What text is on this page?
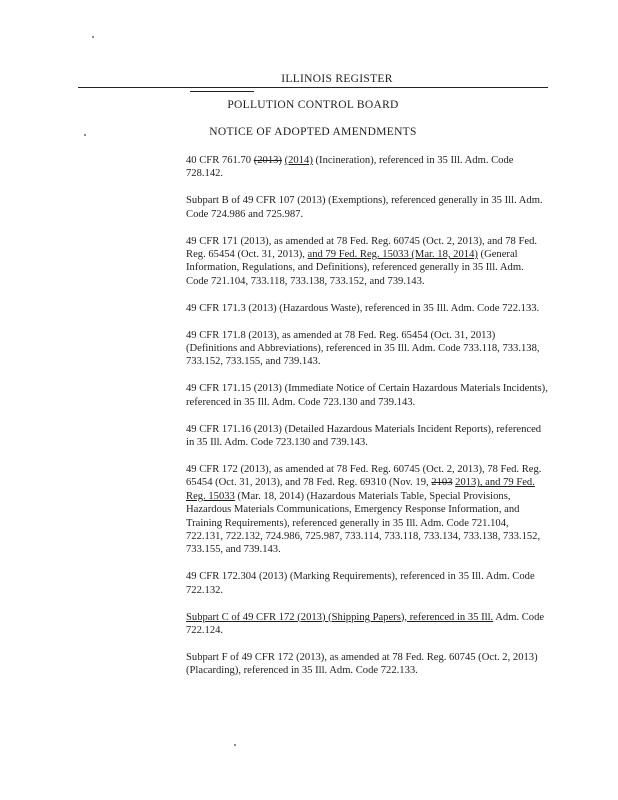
ILLINOIS REGISTER
POLLUTION CONTROL BOARD
NOTICE OF ADOPTED AMENDMENTS

40 CFR 761.70 (2013) (2014) (Incineration), referenced in 35 Ill. Adm. Code 728.142.

Subpart B of 49 CFR 107 (2013) (Exemptions), referenced generally in 35 Ill. Adm. Code 724.986 and 725.987.

49 CFR 171 (2013), as amended at 78 Fed. Reg. 60745 (Oct. 2, 2013), and 78 Fed. Reg. 65454 (Oct. 31, 2013), and 79 Fed. Reg. 15033 (Mar. 18, 2014) (General Information, Regulations, and Definitions), referenced generally in 35 Ill. Adm. Code 721.104, 733.118, 733.138, 733.152, and 739.143.

49 CFR 171.3 (2013) (Hazardous Waste), referenced in 35 Ill. Adm. Code 722.133.

49 CFR 171.8 (2013), as amended at 78 Fed. Reg. 65454 (Oct. 31, 2013) (Definitions and Abbreviations), referenced in 35 Ill. Adm. Code 733.118, 733.138, 733.152, 733.155, and 739.143.

49 CFR 171.15 (2013) (Immediate Notice of Certain Hazardous Materials Incidents), referenced in 35 Ill. Adm. Code 723.130 and 739.143.

49 CFR 171.16 (2013) (Detailed Hazardous Materials Incident Reports), referenced in 35 Ill. Adm. Code 723.130 and 739.143.

49 CFR 172 (2013), as amended at 78 Fed. Reg. 60745 (Oct. 2, 2013), 78 Fed. Reg. 65454 (Oct. 31, 2013), and 78 Fed. Reg. 69310 (Nov. 19, 2103 2013), and 79 Fed. Reg. 15033 (Mar. 18, 2014) (Hazardous Materials Table, Special Provisions, Hazardous Materials Communications, Emergency Response Information, and Training Requirements), referenced generally in 35 Ill. Adm. Code 721.104, 722.131, 722.132, 724.986, 725.987, 733.114, 733.118, 733.134, 733.138, 733.152, 733.155, and 739.143.

49 CFR 172.304 (2013) (Marking Requirements), referenced in 35 Ill. Adm. Code 722.132.

Subpart C of 49 CFR 172 (2013) (Shipping Papers), referenced in 35 Ill. Adm. Code 722.124.

Subpart F of 49 CFR 172 (2013), as amended at 78 Fed. Reg. 60745 (Oct. 2, 2013) (Placarding), referenced in 35 Ill. Adm. Code 722.133.
